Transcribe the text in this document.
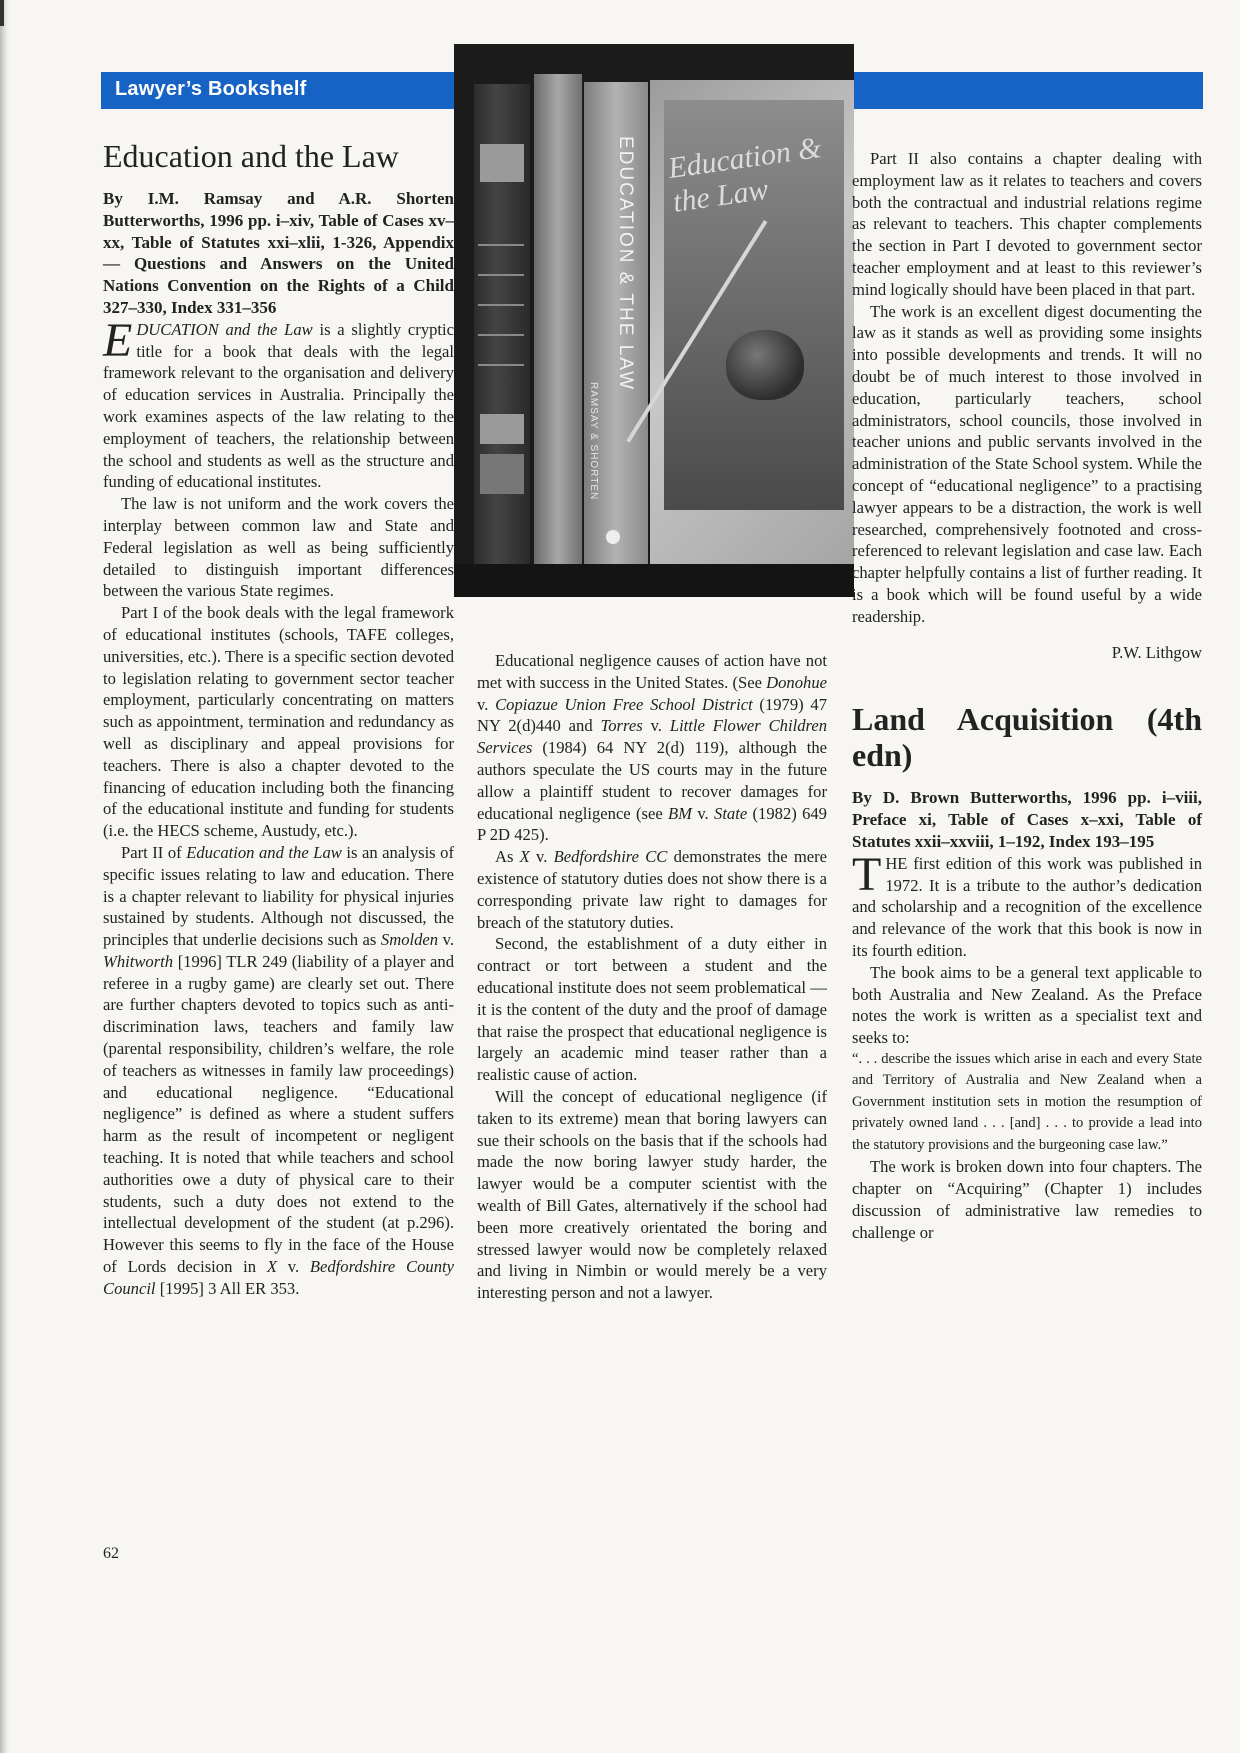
Lawyer’s Bookshelf
EDUCATION & THE LAW
RAMSAY & SHORTEN
Education & the Law
Education and the Law

By I.M. Ramsay and A.R. Shorten Butterworths, 1996 pp. i–xiv, Table of Cases xv–xx, Table of Statutes xxi–xlii, 1-326, Appendix — Questions and Answers on the United Nations Convention on the Rights of a Child 327–330, Index 331–356

EDUCATION and the Law is a slightly cryptic title for a book that deals with the legal framework relevant to the organisation and delivery of education services in Australia. Principally the work examines aspects of the law relating to the employment of teachers, the relationship between the school and students as well as the structure and funding of educational institutes.

The law is not uniform and the work covers the interplay between common law and State and Federal legislation as well as being sufficiently detailed to distinguish important differences between the various State regimes.

Part I of the book deals with the legal framework of educational institutes (schools, TAFE colleges, universities, etc.). There is a specific section devoted to legislation relating to government sector teacher employment, particularly concentrating on matters such as appointment, termination and redundancy as well as disciplinary and appeal provisions for teachers. There is also a chapter devoted to the financing of education including both the financing of the educational institute and funding for students (i.e. the HECS scheme, Austudy, etc.).

Part II of Education and the Law is an analysis of specific issues relating to law and education. There is a chapter relevant to liability for physical injuries sustained by students. Although not discussed, the principles that underlie decisions such as Smolden v. Whitworth [1996] TLR 249 (liability of a player and referee in a rugby game) are clearly set out. There are further chapters devoted to topics such as anti-discrimination laws, teachers and family law (parental responsibility, children’s welfare, the role of teachers as witnesses in family law proceedings) and educational negligence. “Educational negligence” is defined as where a student suffers harm as the result of incompetent or negligent teaching. It is noted that while teachers and school authorities owe a duty of physical care to their students, such a duty does not extend to the intellectual development of the student (at p.296). However this seems to fly in the face of the House of Lords decision in X v. Bedfordshire County Council [1995] 3 All ER 353.

Educational negligence causes of action have not met with success in the United States. (See Donohue v. Copiazue Union Free School District (1979) 47 NY 2(d)440 and Torres v. Little Flower Children Services (1984) 64 NY 2(d) 119), although the authors speculate the US courts may in the future allow a plaintiff student to recover damages for educational negligence (see BM v. State (1982) 649 P 2D 425).

As X v. Bedfordshire CC demonstrates the mere existence of statutory duties does not show there is a corresponding private law right to damages for breach of the statutory duties.

Second, the establishment of a duty either in contract or tort between a student and the educational institute does not seem problematical — it is the content of the duty and the proof of damage that raise the prospect that educational negligence is largely an academic mind teaser rather than a realistic cause of action.

Will the concept of educational negligence (if taken to its extreme) mean that boring lawyers can sue their schools on the basis that if the schools had made the now boring lawyer study harder, the lawyer would be a computer scientist with the wealth of Bill Gates, alternatively if the school had been more creatively orientated the boring and stressed lawyer would now be completely relaxed and living in Nimbin or would merely be a very interesting person and not a lawyer.

Part II also contains a chapter dealing with employment law as it relates to teachers and covers both the contractual and industrial relations regime as relevant to teachers. This chapter complements the section in Part I devoted to government sector teacher employment and at least to this reviewer’s mind logically should have been placed in that part.

The work is an excellent digest documenting the law as it stands as well as providing some insights into possible developments and trends. It will no doubt be of much interest to those involved in education, particularly teachers, school administrators, school councils, those involved in teacher unions and public servants involved in the administration of the State School system. While the concept of “educational negligence” to a practising lawyer appears to be a distraction, the work is well researched, comprehensively footnoted and cross-referenced to relevant legislation and case law. Each chapter helpfully contains a list of further reading. It is a book which will be found useful by a wide readership.

P.W. Lithgow

Land Acquisition (4th edn)

By D. Brown Butterworths, 1996 pp. i–viii, Preface xi, Table of Cases x–xxi, Table of Statutes xxii–xxviii, 1–192, Index 193–195

THE first edition of this work was published in 1972. It is a tribute to the author’s dedication and scholarship and a recognition of the excellence and relevance of the work that this book is now in its fourth edition.

The book aims to be a general text applicable to both Australia and New Zealand. As the Preface notes the work is written as a specialist text and seeks to:

“. . . describe the issues which arise in each and every State and Territory of Australia and New Zealand when a Government institution sets in motion the resumption of privately owned land . . . [and] . . . to provide a lead into the statutory provisions and the burgeoning case law.”

The work is broken down into four chapters. The chapter on “Acquiring” (Chapter 1) includes discussion of administrative law remedies to challenge or

62
